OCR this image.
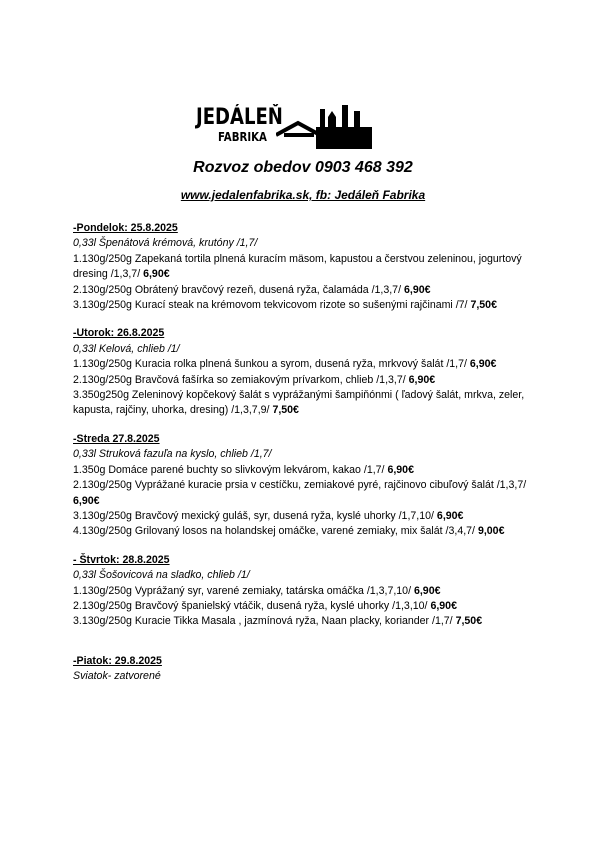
JEDÁLEŇ
FABRIKA
Rozvoz obedov 0903 468 392
www.jedalenfabrika.sk, fb: Jedáleň Fabrika
-Pondelok: 25.8.2025
0,33l Špenátová krémová, krutóny /1,7/
1.130g/250g Zapekaná tortila plnená kuracím mäsom, kapustou a čerstvou zeleninou, jogurtový dresing /1,3,7/ 6,90€
2.130g/250g Obrátený bravčový rezeň, dusená ryža, čalamáda /1,3,7/ 6,90€
3.130g/250g Kurací steak na krémovom tekvicovom rizote so sušenými rajčinami /7/ 7,50€
-Utorok: 26.8.2025
0,33l Kelová, chlieb /1/
1.130g/250g Kuracia rolka plnená šunkou a syrom, dusená ryža, mrkvový šalát /1,7/ 6,90€
2.130g/250g Bravčová fašírka so zemiakovým prívarkom, chlieb /1,3,7/ 6,90€
3.350g250g Zeleninový kopčekový šalát s vyprážanými šampiňónmi ( ľadový šalát, mrkva, zeler, kapusta, rajčiny, uhorka, dresing) /1,3,7,9/ 7,50€
-Streda 27.8.2025
0,33l Struková fazuľa na kyslo, chlieb /1,7/
1.350g Domáce parené buchty so slivkovým lekvárom, kakao /1,7/ 6,90€
2.130g/250g Vyprážané kuracie prsia v cestíčku, zemiakové pyré, rajčinovo cibuľový šalát /1,3,7/ 6,90€
3.130g/250g Bravčový mexický guláš, syr, dusená ryža, kyslé uhorky /1,7,10/ 6,90€
4.130g/250g Grilovaný losos na holandskej omáčke, varené zemiaky, mix šalát /3,4,7/ 9,00€
- Štvrtok: 28.8.2025
0,33l Šošovicová na sladko, chlieb /1/
1.130g/250g Vyprážaný syr, varené zemiaky, tatárska omáčka /1,3,7,10/ 6,90€
2.130g/250g Bravčový španielský vtáčik, dusená ryža, kyslé uhorky /1,3,10/ 6,90€
3.130g/250g Kuracie Tikka Masala , jazmínová ryža, Naan placky, koriander /1,7/ 7,50€
-Piatok: 29.8.2025
Sviatok- zatvorené
